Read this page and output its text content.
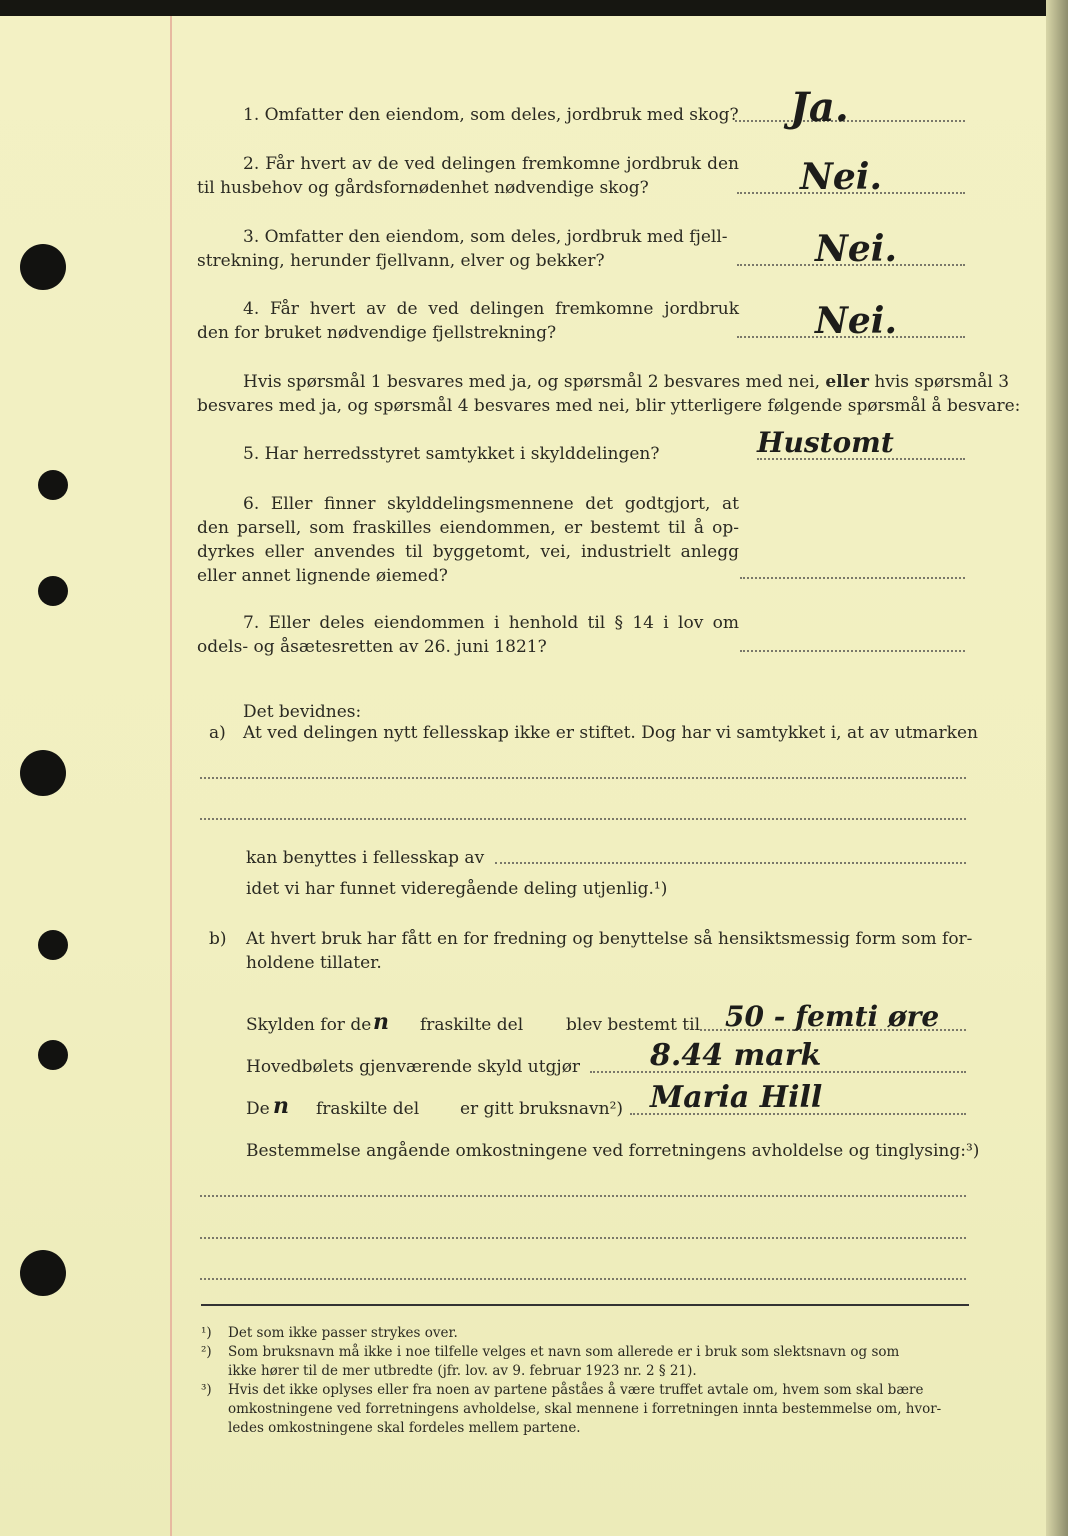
1. Omfatter den eiendom, som deles, jordbruk med skog? Ja.
2. Får hvert av de ved delingen fremkomne jordbruk den
til husbehov og gårdsfornødenhet nødvendige skog?	Nei.
3. Omfatter den eiendom, som deles, jordbruk med fjell-
strekning, herunder fjellvann, elver og bekker?	Nei.
4. Får hvert av de ved delingen fremkomne jordbruk
den for bruket nødvendige fjellstrekning?	Nei.
Hvis spørsmål 1 besvares med ja, og spørsmål 2 besvares med nei, eller hvis spørsmål 3
besvares med ja, og spørsmål 4 besvares med nei, blir ytterligere følgende spørsmål å besvare:
5. Har herredsstyret samtykket i skylddelingen?	Hustomt
6. Eller finner skylddelingsmennene det godtgjort, at
den parsell, som fraskilles eiendommen, er bestemt til å op-
dyrkes eller anvendes til byggetomt, vei, industrielt anlegg
eller annet lignende øiemed?
7. Eller deles eiendommen i henhold til § 14 i lov om
odels- og åsætesretten av 26. juni 1821?
Det bevidnes:
a) At ved delingen nytt fellesskap ikke er stiftet. Dog har vi samtykket i, at av utmarken
kan benyttes i fellesskap av
idet vi har funnet videregående deling utjenlig.¹)
b) At hvert bruk har fått en for fredning og benyttelse så hensiktsmessig form som for-
holdene tillater.
Skylden for de n fraskilte del	blev bestemt til 50 - femti øre
Hovedbølets gjenværende skyld utgjør 8.44 mark
De n fraskilte del er gitt bruksnavn²) Maria Hill
Bestemmelse angående omkostningene ved forretningens avholdelse og tinglysing:³)
¹) Det som ikke passer strykes over.
²) Som bruksnavn må ikke i noe tilfelle velges et navn som allerede er i bruk som slektsnavn og som
ikke hører til de mer utbredte (jfr. lov. av 9. februar 1923 nr. 2 § 21).
³) Hvis det ikke oplyses eller fra noen av partene påståes å være truffet avtale om, hvem som skal bære
omkostningene ved forretningens avholdelse, skal mennene i forretningen innta bestemmelse om, hvor-
ledes omkostningene skal fordeles mellem partene.
